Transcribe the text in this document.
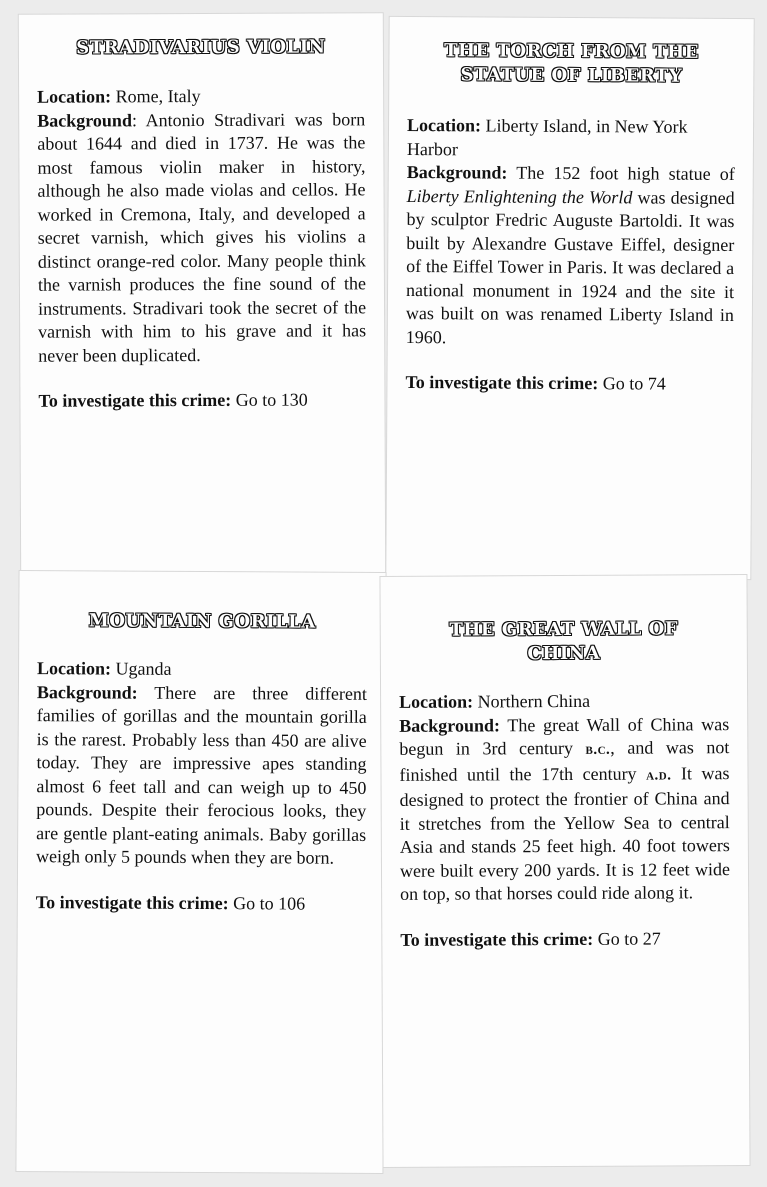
STRADIVARIUS VIOLIN

Location: Rome, Italy

Background: Antonio Stradivari was born about 1644 and died in 1737. He was the most famous violin maker in history, although he also made violas and cellos. He worked in Cremona, Italy, and developed a secret varnish, which gives his violins a distinct orange-red color. Many people think the varnish produces the fine sound of the instruments. Stradivari took the secret of the varnish with him to his grave and it has never been duplicated.

To investigate this crime: Go to 130

THE TORCH FROM THE
STATUE OF LIBERTY

Location: Liberty Island, in New York Harbor

Background: The 152 foot high statue of Liberty Enlightening the World was designed by sculptor Fredric Auguste Bartoldi. It was built by Alexandre Gustave Eiffel, designer of the Eiffel Tower in Paris. It was declared a national monument in 1924 and the site it was built on was renamed Liberty Island in 1960.

To investigate this crime: Go to 74

MOUNTAIN GORILLA

Location: Uganda

Background: There are three different families of gorillas and the mountain gorilla is the rarest. Probably less than 450 are alive today. They are impressive apes standing almost 6 feet tall and can weigh up to 450 pounds. Despite their ferocious looks, they are gentle plant-eating animals. Baby gorillas weigh only 5 pounds when they are born.

To investigate this crime: Go to 106

THE GREAT WALL OF
CHINA

Location: Northern China

Background: The great Wall of China was begun in 3rd century b.c., and was not finished until the 17th century a.d. It was designed to protect the frontier of China and it stretches from the Yellow Sea to central Asia and stands 25 feet high. 40 foot towers were built every 200 yards. It is 12 feet wide on top, so that horses could ride along it.

To investigate this crime: Go to 27
